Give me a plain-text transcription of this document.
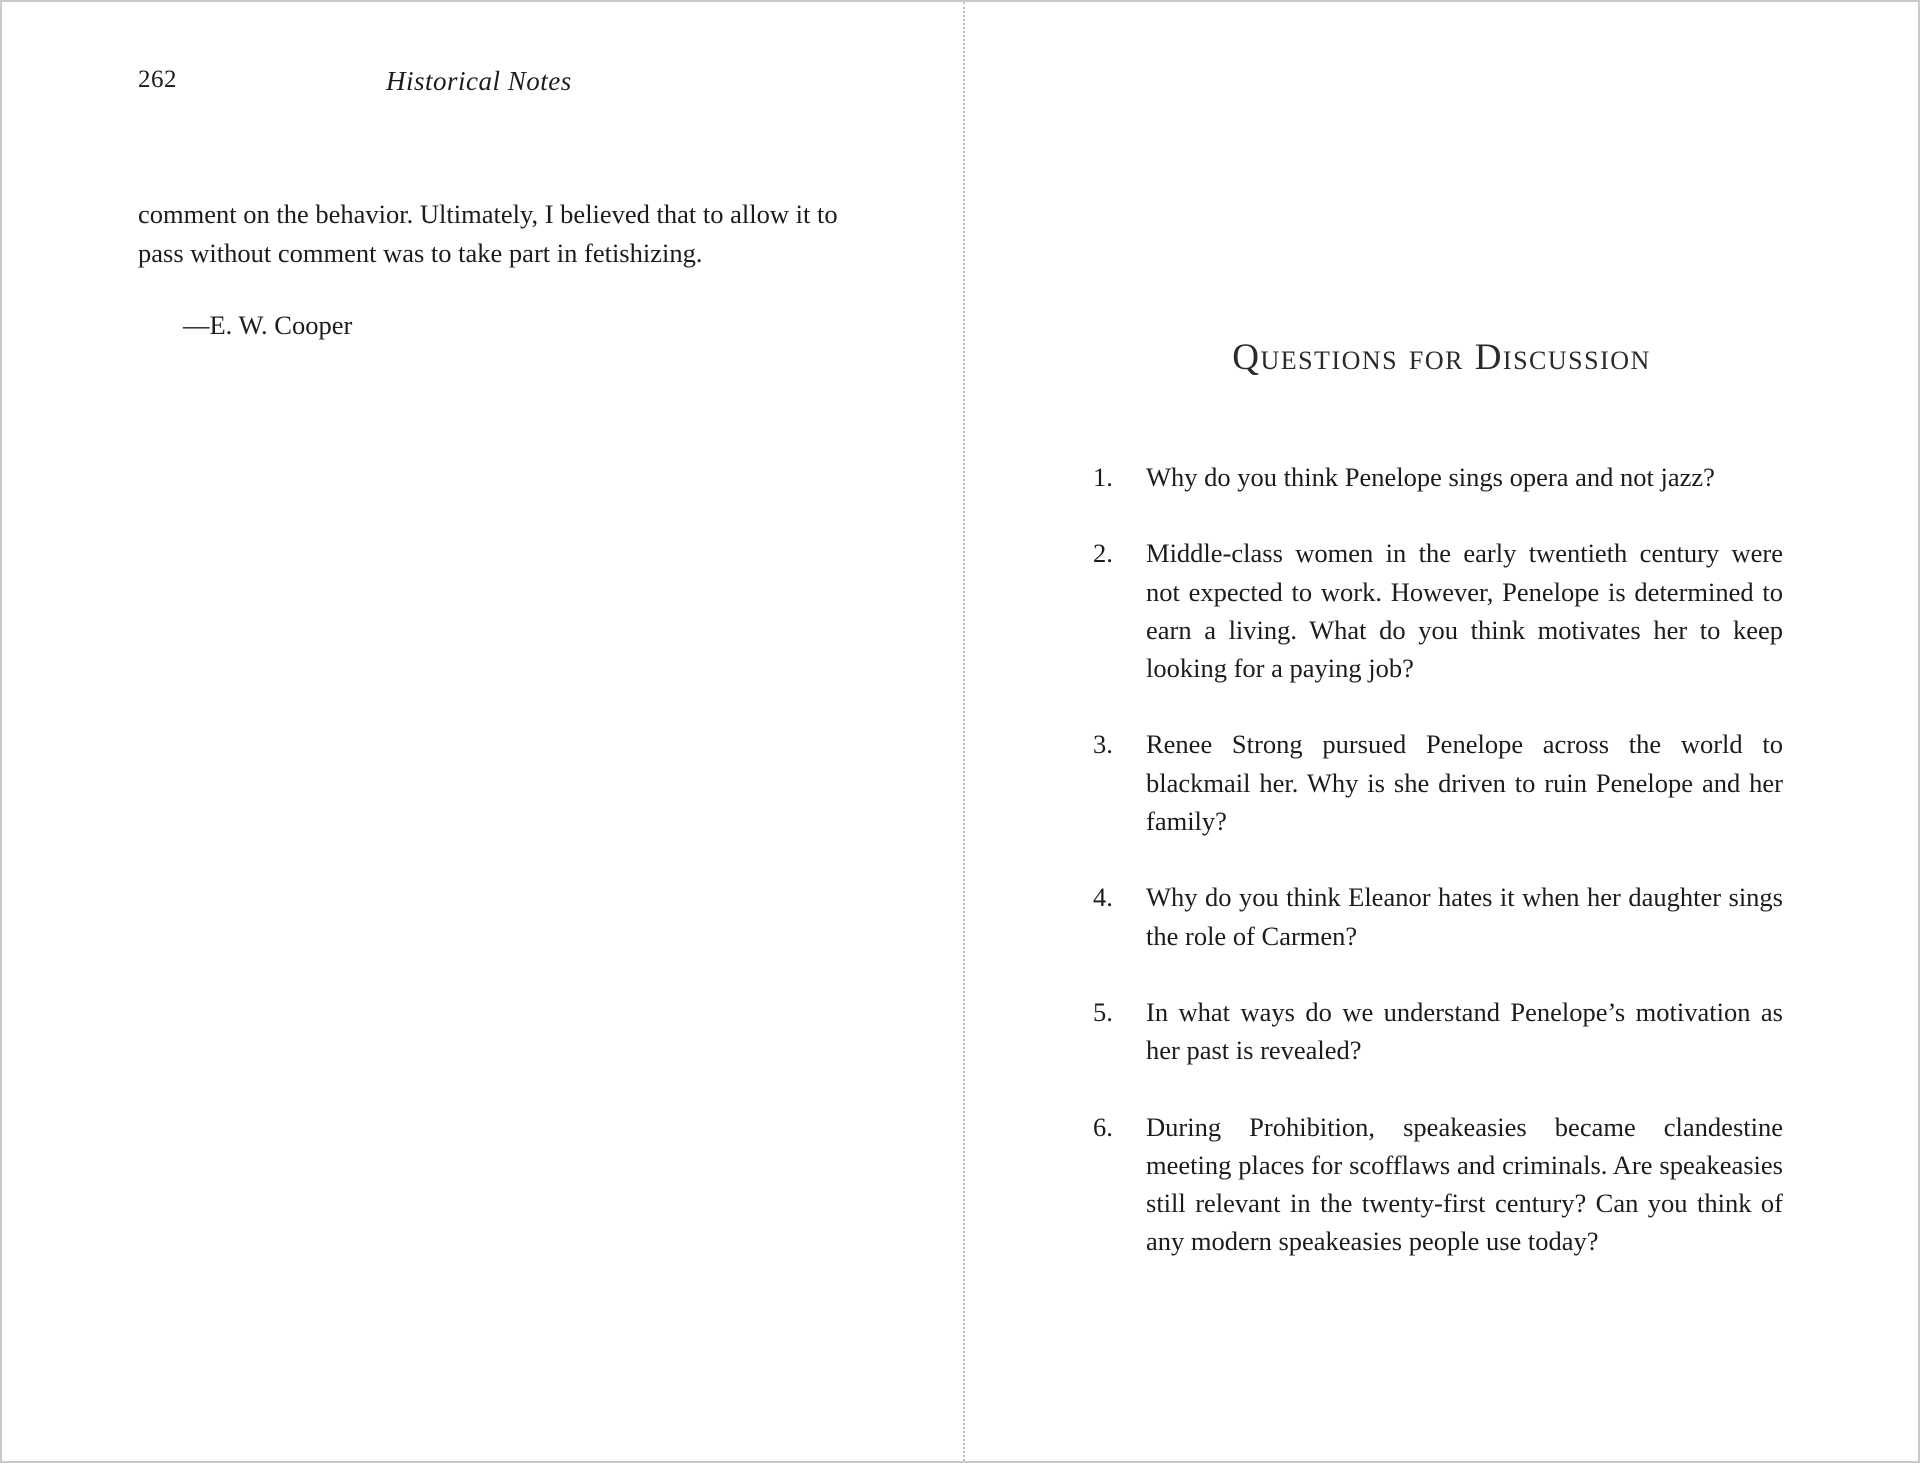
262	Historical Notes

comment on the behavior. Ultimately, I believed that to allow it to pass without comment was to take part in fetishizing.

—E. W. Cooper

Questions for Discussion
1. Why do you think Penelope sings opera and not jazz?
2. Middle-class women in the early twentieth century were not expected to work. However, Penelope is determined to earn a living. What do you think motivates her to keep looking for a paying job?
3. Renee Strong pursued Penelope across the world to blackmail her. Why is she driven to ruin Penelope and her family?
4. Why do you think Eleanor hates it when her daughter sings the role of Carmen?
5. In what ways do we understand Penelope’s motivation as her past is revealed?
6. During Prohibition, speakeasies became clandestine meeting places for scofflaws and criminals. Are speakeasies still relevant in the twenty-first century? Can you think of any modern speakeasies people use today?
